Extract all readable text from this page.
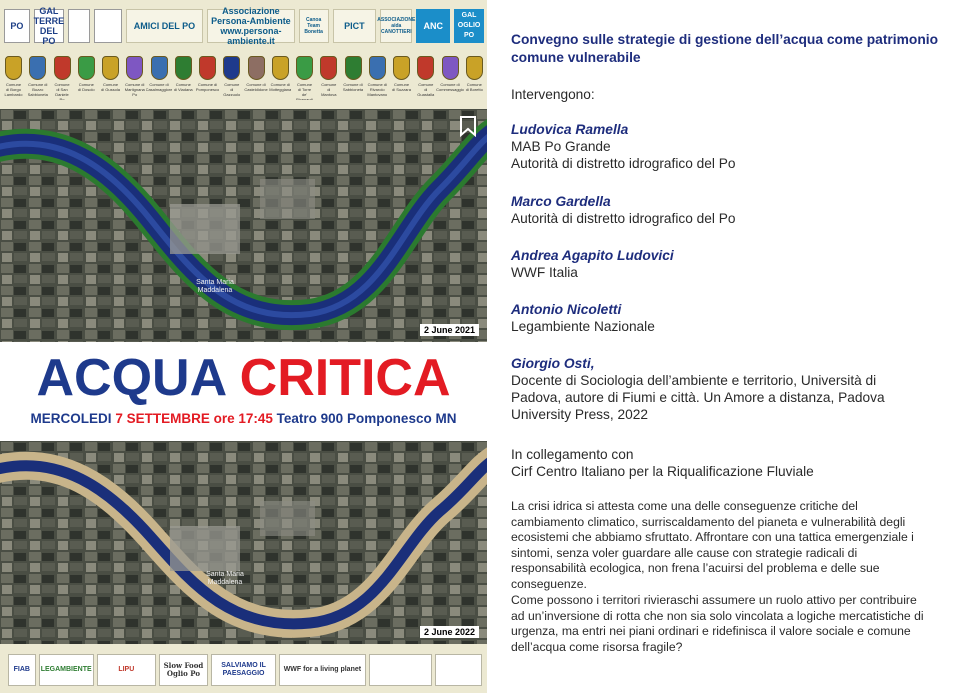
PO
GAL TERRE DEL PO
AMICI DEL PO
Associazione Persona-Ambiente www.persona-ambiente.it
Canoa Team Bonetta
PICT
ASSOCIAZIONE aida CANOTTIERI
ANC
GAL OGLIO PO
Comune di Borgo Lambardo
Comune di Bozzo Sabbioneta
Comune di San Daniele Po
Comune di Dosolo
Comune di Gussola
Comune di Martignana Po
Comune di Casalmaggiore
Comune di Viadana
Comune di Pomponesco
Comune di Gazzuolo
Comune di Casteldidone
Comune di Motteggiana
Comune di Torre de' Picenardi
Comune di Mantova
Comune di Sabbioneta
Comune di Rivarolo Mantovano
Comune di Suzzara
Comune di Guastalla
Comune di Commessaggio
Comune di Boretto
Santa Maria Maddalena
2 June 2021
ACQUA CRITICA
MERCOLEDI 7 SETTEMBRE ore 17:45 Teatro 900 Pomponesco MN
Santa Maria Maddalena
2 June 2022
FIAB	LEGAMBIENTE	LIPU	Slow Food Oglio Po
SALVIAMO IL PAESAGGIO
WWF for a living planet
Convegno sulle strategie di gestione dell’acqua come patrimonio comune vulnerabile
Intervengono:
Ludovica Ramella
MAB Po Grande
Autorità di distretto idrografico del Po
Marco Gardella
Autorità di distretto idrografico del Po
Andrea Agapito Ludovici
WWF Italia
Antonio Nicoletti
Legambiente Nazionale
Giorgio Osti,
Docente di Sociologia dell’ambiente e territorio, Università di Padova, autore di Fiumi e città. Un Amore a distanza, Padova University Press, 2022
In collegamento con
Cirf Centro Italiano per la Riqualificazione Fluviale
La crisi idrica si attesta come una delle conseguenze critiche del cambiamento climatico, surriscaldamento del pianeta e vulnerabilità degli ecosistemi che abbiamo sfruttato. Affrontare con una tattica emergenziale i sintomi, senza voler guardare alle cause con strategie radicali di responsabilità ecologica, non frena l’acuirsi del problema e delle sue conseguenze.
Come possono i territori rivieraschi assumere un ruolo attivo per contribuire ad un’inversione di rotta che non sia solo vincolata a logiche mercatistiche di urgenza, ma entri nei piani ordinari e ridefinisca il valore sociale e comune dell’acqua come risorsa fragile?
